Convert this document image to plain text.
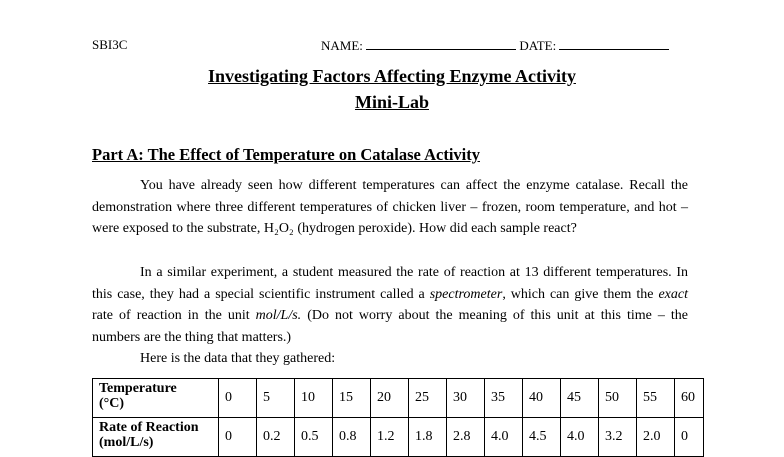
SBI3C	NAME:	DATE:
Investigating Factors Affecting Enzyme Activity
Mini-Lab
Part A: The Effect of Temperature on Catalase Activity

You have already seen how different temperatures can affect the enzyme catalase. Recall the demonstration where three different temperatures of chicken liver – frozen, room temperature, and hot – were exposed to the substrate, H₂O₂ (hydrogen peroxide). How did each sample react?

In a similar experiment, a student measured the rate of reaction at 13 different temperatures. In this case, they had a special scientific instrument called a spectrometer, which can give them the exact rate of reaction in the unit mol/L/s. (Do not worry about the meaning of this unit at this time – the numbers are the thing that matters.)

Here is the data that they gathered:

Temperature
(°C)	0	5	10	15	20	25	30	35	40	45	50	55	60
Rate of Reaction
(mol/L/s)	0	0.2	0.5	0.8	1.2	1.8	2.8	4.0	4.5	4.0	3.2	2.0	0
